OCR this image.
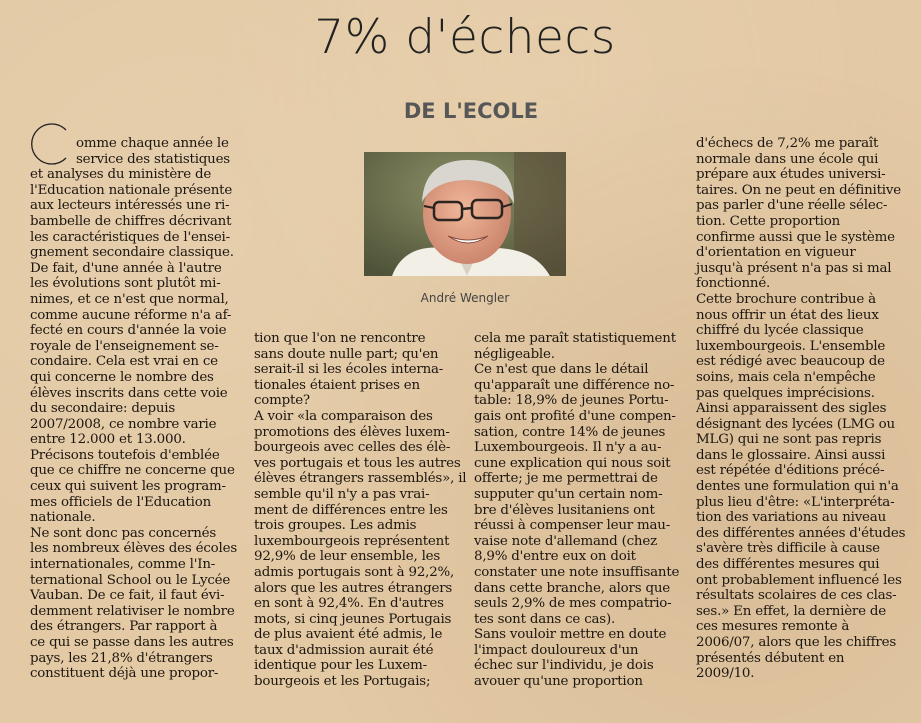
7% d'échecs
DE L'ECOLE
André Wengler
omme chaque année le
service des statistiques
et analyses du ministère de
l'Education nationale présente
aux lecteurs intéressés une ri-
bambelle de chiffres décrivant
les caractéristiques de l'ensei-
gnement secondaire classique.
De fait, d'une année à l'autre
les évolutions sont plutôt mi-
nimes, et ce n'est que normal,
comme aucune réforme n'a af-
fecté en cours d'année la voie
royale de l'enseignement se-
condaire. Cela est vrai en ce
qui concerne le nombre des
élèves inscrits dans cette voie
du secondaire: depuis
2007/2008, ce nombre varie
entre 12.000 et 13.000.
Précisons toutefois d'emblée
que ce chiffre ne concerne que
ceux qui suivent les program-
mes officiels de l'Education
nationale.
Ne sont donc pas concernés
les nombreux élèves des écoles
internationales, comme l'In-
ternational School ou le Lycée
Vauban. De ce fait, il faut évi-
demment relativiser le nombre
des étrangers. Par rapport à
ce qui se passe dans les autres
pays, les 21,8% d'étrangers
constituent déjà une propor-
tion que l'on ne rencontre
sans doute nulle part; qu'en
serait-il si les écoles interna-
tionales étaient prises en
compte?
A voir «la comparaison des
promotions des élèves luxem-
bourgeois avec celles des élè-
ves portugais et tous les autres
élèves étrangers rassemblés», il
semble qu'il n'y a pas vrai-
ment de différences entre les
trois groupes. Les admis
luxembourgeois représentent
92,9% de leur ensemble, les
admis portugais sont à 92,2%,
alors que les autres étrangers
en sont à 92,4%. En d'autres
mots, si cinq jeunes Portugais
de plus avaient été admis, le
taux d'admission aurait été
identique pour les Luxem-
bourgeois et les Portugais;
cela me paraît statistiquement
négligeable.
Ce n'est que dans le détail
qu'apparaît une différence no-
table: 18,9% de jeunes Portu-
gais ont profité d'une compen-
sation, contre 14% de jeunes
Luxembourgeois. Il n'y a au-
cune explication qui nous soit
offerte; je me permettrai de
supputer qu'un certain nom-
bre d'élèves lusitaniens ont
réussi à compenser leur mau-
vaise note d'allemand (chez
8,9% d'entre eux on doit
constater une note insuffisante
dans cette branche, alors que
seuls 2,9% de mes compatrio-
tes sont dans ce cas).
Sans vouloir mettre en doute
l'impact douloureux d'un
échec sur l'individu, je dois
avouer qu'une proportion
d'échecs de 7,2% me paraît
normale dans une école qui
prépare aux études universi-
taires. On ne peut en définitive
pas parler d'une réelle sélec-
tion. Cette proportion
confirme aussi que le système
d'orientation en vigueur
jusqu'à présent n'a pas si mal
fonctionné.
Cette brochure contribue à
nous offrir un état des lieux
chiffré du lycée classique
luxembourgeois. L'ensemble
est rédigé avec beaucoup de
soins, mais cela n'empêche
pas quelques imprécisions.
Ainsi apparaissent des sigles
désignant des lycées (LMG ou
MLG) qui ne sont pas repris
dans le glossaire. Ainsi aussi
est répétée d'éditions précé-
dentes une formulation qui n'a
plus lieu d'être: «L'interpréta-
tion des variations au niveau
des différentes années d'études
s'avère très difficile à cause
des différentes mesures qui
ont probablement influencé les
résultats scolaires de ces clas-
ses.» En effet, la dernière de
ces mesures remonte à
2006/07, alors que les chiffres
présentés débutent en
2009/10.
